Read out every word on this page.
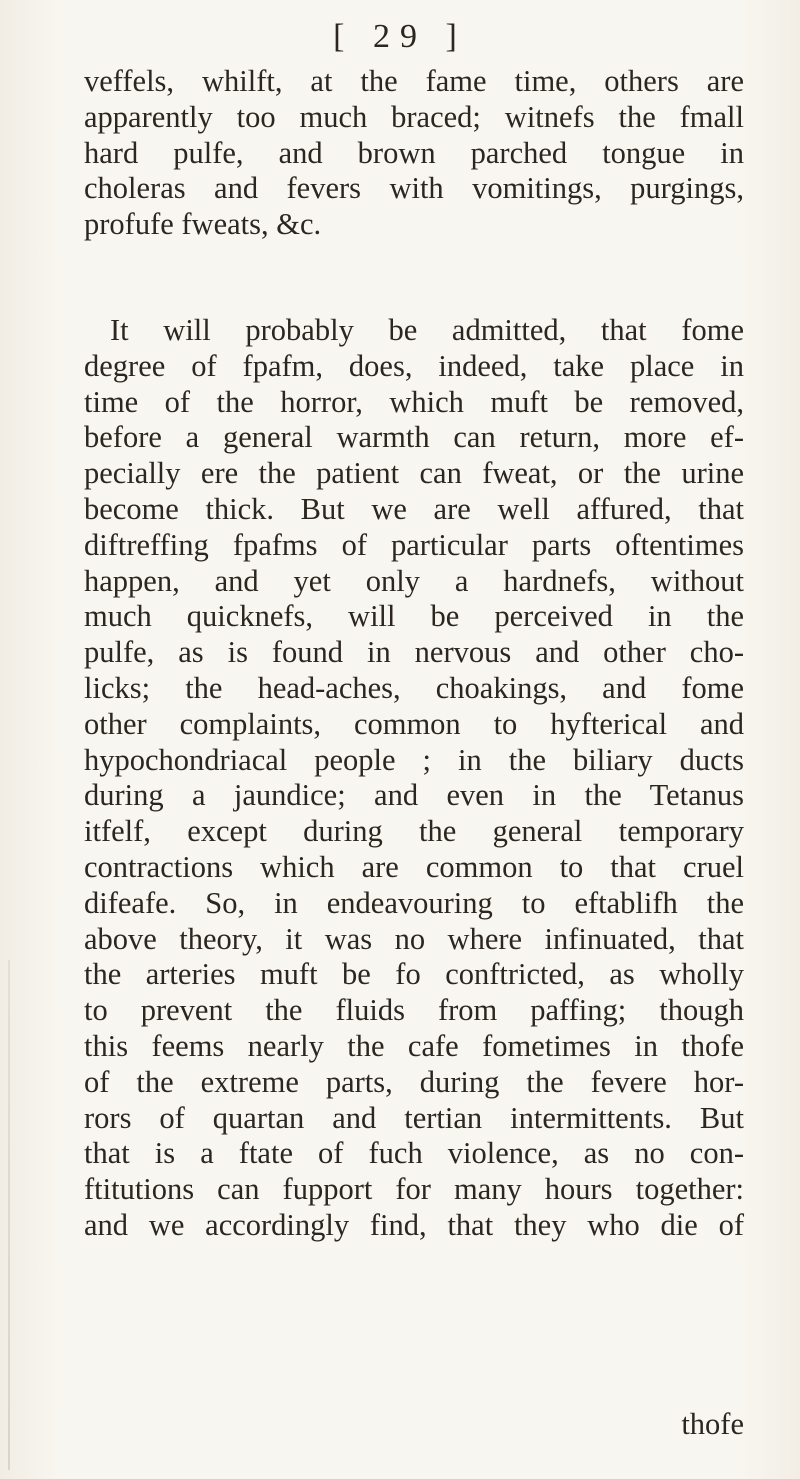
[ 29 ]
veffels, whilft, at the fame time, others are
apparently too much braced; witnefs the fmall
hard pulfe, and brown parched tongue in
choleras and fevers with vomitings, purgings,
profufe fweats, &c.
It will probably be admitted, that fome
degree of fpafm, does, indeed, take place in
time of the horror, which muft be removed,
before a general warmth can return, more ef-
pecially ere the patient can fweat, or the urine
become thick. But we are well affured, that
diftreffing fpafms of particular parts oftentimes
happen, and yet only a hardnefs, without
much quicknefs, will be perceived in the
pulfe, as is found in nervous and other cho-
licks; the head-aches, choakings, and fome
other complaints, common to hyfterical and
hypochondriacal people ; in the biliary ducts
during a jaundice; and even in the Tetanus
itfelf, except during the general temporary
contractions which are common to that cruel
difeafe. So, in endeavouring to eftablifh the
above theory, it was no where infinuated, that
the arteries muft be fo conftricted, as wholly
to prevent the fluids from paffing; though
this feems nearly the cafe fometimes in thofe
of the extreme parts, during the fevere hor-
rors of quartan and tertian intermittents. But
that is a ftate of fuch violence, as no con-
ftitutions can fupport for many hours together:
and we accordingly find, that they who die of
thofe
